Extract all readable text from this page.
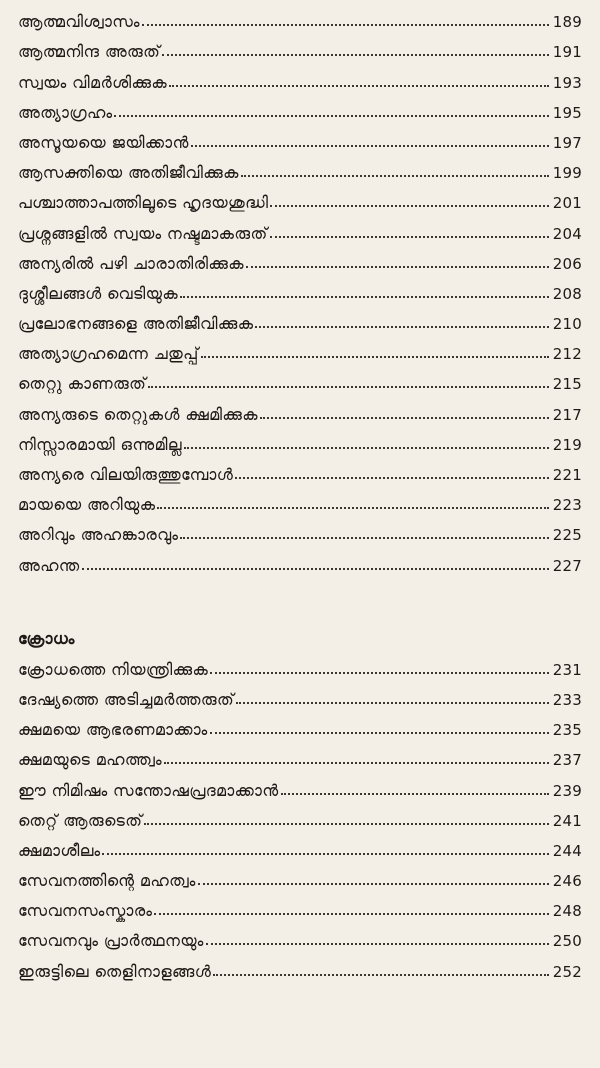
ആത്മവിശ്വാസം	189
ആത്മനിന്ദ അരുത്	191
സ്വയം വിമർശിക്കുക	193
അത്യാഗ്രഹം	195
അസൂയയെ ജയിക്കാൻ	197
ആസക്തിയെ അതിജീവിക്കുക	199
പശ്ചാത്താപത്തിലൂടെ ഹൃദയശുദ്ധി	201
പ്രശ്നങ്ങളിൽ സ്വയം നഷ്ടമാകരുത്	204
അന്യരിൽ പഴി ചാരാതിരിക്കുക	206
ദുശ്ശീലങ്ങൾ വെടിയുക	208
പ്രലോഭനങ്ങളെ അതിജീവിക്കുക	210
അത്യാഗ്രഹമെന്ന ചതുപ്പ്	212
തെറ്റു കാണരുത്	215
അന്യരുടെ തെറ്റുകൾ ക്ഷമിക്കുക	217
നിസ്സാരമായി ഒന്നുമില്ല	219
അന്യരെ വിലയിരുത്തുമ്പോൾ	221
മായയെ അറിയുക	223
അറിവും അഹങ്കാരവും	225
അഹന്ത	227
ക്രോധം
ക്രോധത്തെ നിയന്ത്രിക്കുക	231
ദേഷ്യത്തെ അടിച്ചമർത്തരുത്	233
ക്ഷമയെ ആഭരണമാക്കാം	235
ക്ഷമയുടെ മഹത്ത്വം	237
ഈ നിമിഷം സന്തോഷപ്രദമാക്കാൻ	239
തെറ്റ് ആരുടെത്	241
ക്ഷമാശീലം	244
സേവനത്തിന്റെ മഹത്വം	246
സേവനസംസ്കാരം	248
സേവനവും പ്രാർത്ഥനയും	250
ഇരുട്ടിലെ തെളിനാളങ്ങൾ	252
